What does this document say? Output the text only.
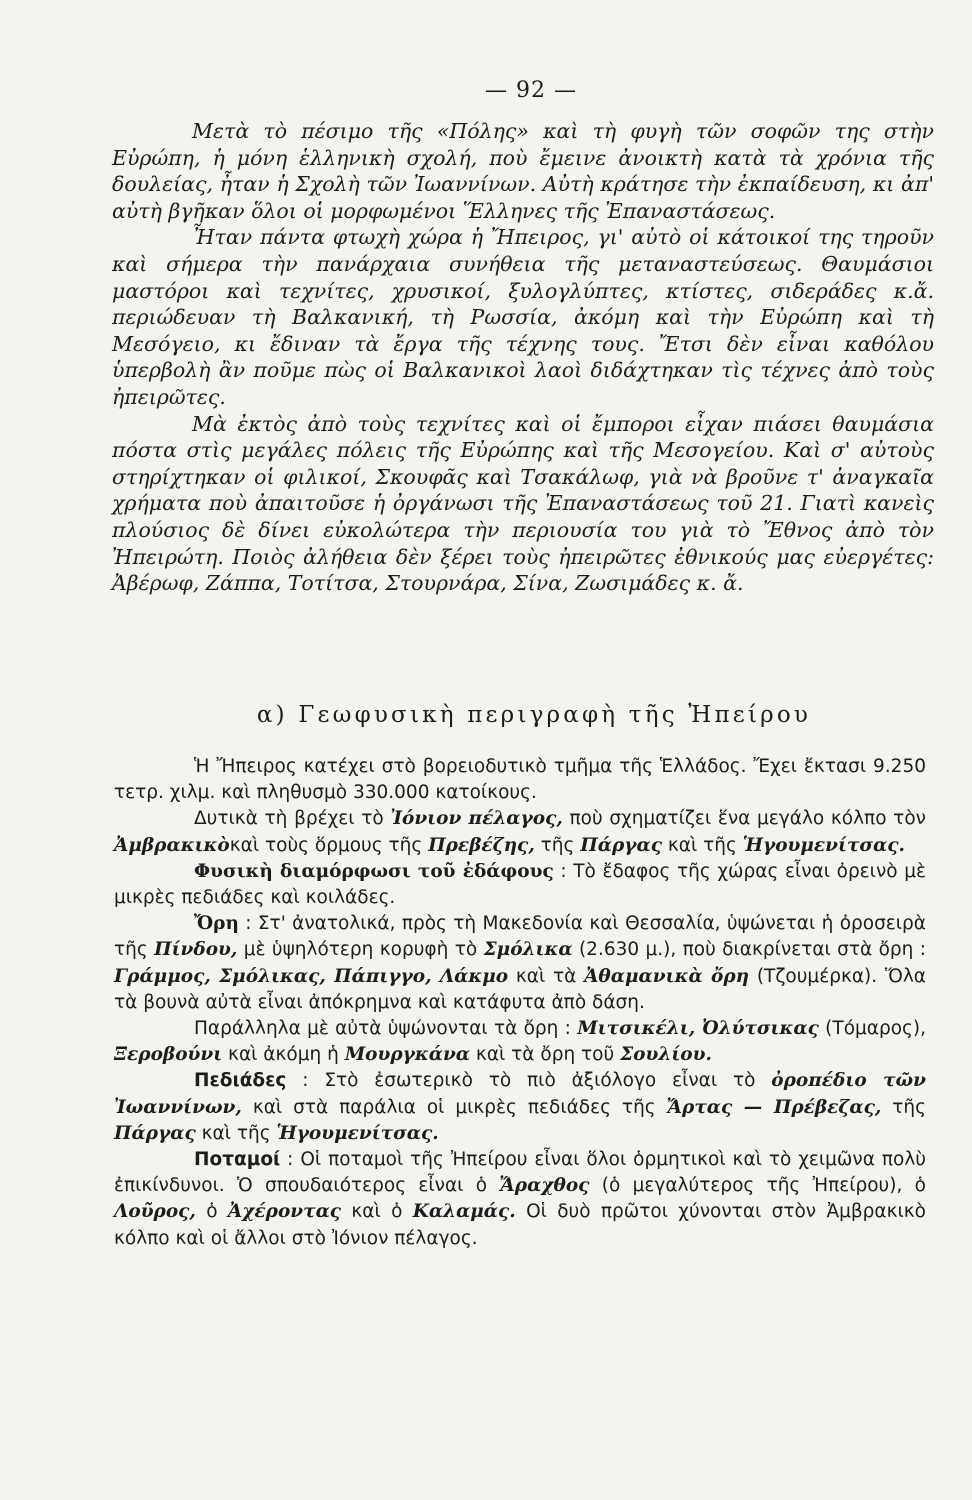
— 92 —

Μετὰ τὸ πέσιμο τῆς «Πόλης» καὶ τὴ φυγὴ τῶν σοφῶν της στὴν Εὐρώπη, ἡ μόνη ἑλληνικὴ σχολή, ποὺ ἔμεινε ἀνοικτὴ κατὰ τὰ χρόνια τῆς δουλείας, ἦταν ἡ Σχολὴ τῶν Ἰωαννίνων. Αὐτὴ κράτησε τὴν ἐκπαίδευση, κι ἀπ' αὐτὴ βγῆκαν ὅλοι οἱ μορφωμένοι Ἕλληνες τῆς Ἐπαναστάσεως.

Ἦταν πάντα φτωχὴ χώρα ἡ Ἤπειρος, γι' αὐτὸ οἱ κάτοικοί της τηροῦν καὶ σήμερα τὴν πανάρχαια συνήθεια τῆς μεταναστεύσεως. Θαυμάσιοι μαστόροι καὶ τεχνίτες, χρυσικοί, ξυλογλύπτες, κτίστες, σιδεράδες κ.ἄ. περιώδευαν τὴ Βαλκανική, τὴ Ρωσσία, ἀκόμη καὶ τὴν Εὐρώπη καὶ τὴ Μεσόγειο, κι ἔδιναν τὰ ἔργα τῆς τέχνης τους. Ἔτσι δὲν εἶναι καθόλου ὑπερβολὴ ἂν ποῦμε πὼς οἱ Βαλκανικοὶ λαοὶ διδάχτηκαν τὶς τέχνες ἀπὸ τοὺς ἠπειρῶτες.

Μὰ ἐκτὸς ἀπὸ τοὺς τεχνίτες καὶ οἱ ἔμποροι εἶχαν πιάσει θαυμάσια πόστα στὶς μεγάλες πόλεις τῆς Εὐρώπης καὶ τῆς Μεσογείου. Καὶ σ' αὐτοὺς στηρίχτηκαν οἱ φιλικοί, Σκουφᾶς καὶ Τσακάλωφ, γιὰ νὰ βροῦνε τ' ἀναγκαῖα χρήματα ποὺ ἀπαιτοῦσε ἡ ὀργάνωσι τῆς Ἐπαναστάσεως τοῦ 21. Γιατὶ κανεὶς πλούσιος δὲ δίνει εὐκολώτερα τὴν περιουσία του γιὰ τὸ Ἔθνος ἀπὸ τὸν Ἠπειρώτη. Ποιὸς ἀλήθεια δὲν ξέρει τοὺς ἠπειρῶτες ἐθνικούς μας εὐεργέτες: Ἀβέρωφ, Ζάππα, Τοτίτσα, Στουρνάρα, Σίνα, Ζωσιμάδες κ. ἄ.

α) Γεωφυσικὴ περιγραφὴ τῆς Ἠπείρου

Ἡ Ἤπειρος κατέχει στὸ βορειοδυτικὸ τμῆμα τῆς Ἑλλάδος. Ἔχει ἔκτασι 9.250 τετρ. χιλμ. καὶ πληθυσμὸ 330.000 κατοίκους.

Δυτικὰ τὴ βρέχει τὸ Ἰόνιον πέλαγος, ποὺ σχηματίζει ἕνα μεγάλο κόλπο τὸν Ἀμβρακικὸκαὶ τοὺς ὅρμους τῆς Πρεβέζης, τῆς Πάργας καὶ τῆς Ἡγουμενίτσας.

Φυσικὴ διαμόρφωσι τοῦ ἐδάφους : Τὸ ἔδαφος τῆς χώρας εἶναι ὀρεινὸ μὲ μικρὲς πεδιάδες καὶ κοιλάδες.

Ὄρη : Στ' ἀνατολικά, πρὸς τὴ Μακεδονία καὶ Θεσσαλία, ὑψώνεται ἡ ὀροσειρὰ τῆς Πίνδου, μὲ ὑψηλότερη κορυφὴ τὸ Σμόλικα (2.630 μ.), ποὺ διακρίνεται στὰ ὄρη : Γράμμος, Σμόλικας, Πάπιγγο, Λάκμο καὶ τὰ Ἀθαμανικὰ ὄρη (Τζουμέρκα). Ὅλα τὰ βουνὰ αὐτὰ εἶναι ἀπόκρημνα καὶ κατάφυτα ἀπὸ δάση.

Παράλληλα μὲ αὐτὰ ὑψώνονται τὰ ὄρη : Μιτσικέλι, Ὀλύτσικας (Τόμαρος), Ξεροβούνι καὶ ἀκόμη ἡ Μουργκάνα καὶ τὰ ὄρη τοῦ Σουλίου.

Πεδιάδες : Στὸ ἐσωτερικὸ τὸ πιὸ ἀξιόλογο εἶναι τὸ ὀροπέδιο τῶν Ἰωαννίνων, καὶ στὰ παράλια οἱ μικρὲς πεδιάδες τῆς Ἄρτας — Πρέβεζας, τῆς Πάργας καὶ τῆς Ἡγουμενίτσας.

Ποταμοί : Οἱ ποταμοὶ τῆς Ἠπείρου εἶναι ὅλοι ὁρμητικοὶ καὶ τὸ χειμῶνα πολὺ ἐπικίνδυνοι. Ὁ σπουδαιότερος εἶναι ὁ Ἄραχθος (ὁ μεγαλύτερος τῆς Ἠπείρου), ὁ Λοῦρος, ὁ Ἀχέροντας καὶ ὁ Καλαμάς. Οἱ δυὸ πρῶτοι χύνονται στὸν Ἀμβρακικὸ κόλπο καὶ οἱ ἄλλοι στὸ Ἰόνιον πέλαγος.
